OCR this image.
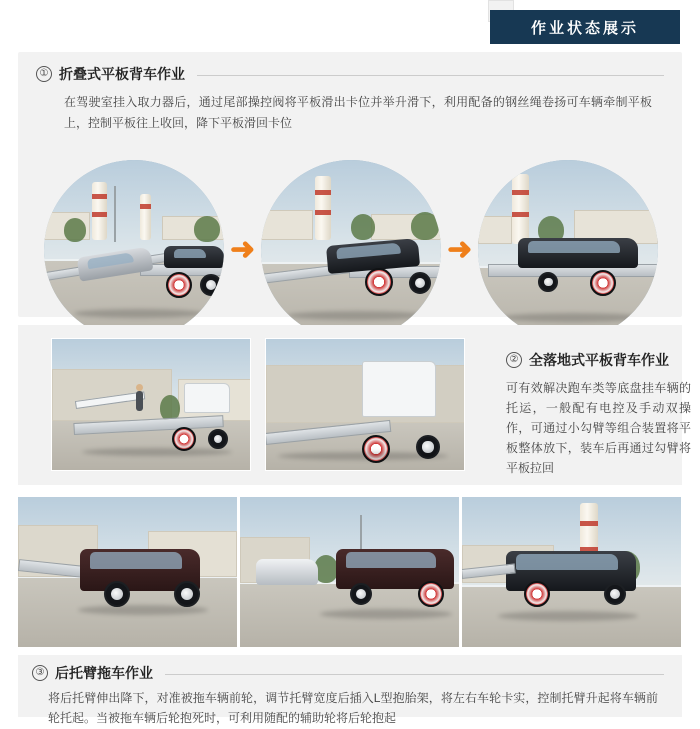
作业状态展示
① 折叠式平板背车作业
在驾驶室挂入取力器后，通过尾部操控阀将平板滑出卡位并举升滑下，利用配备的钢丝绳卷扬可车辆牵制平板上，控制平板往上收回，降下平板滑回卡位
➜	➜
② 全落地式平板背车作业
可有效解决跑车类等底盘挂车辆的托运，一般配有电控及手动双操作，可通过小勾臂等组合装置将平板整体放下，装车后再通过勾臂将平板拉回
③ 后托臂拖车作业
将后托臂伸出降下，对准被拖车辆前轮，调节托臂宽度后插入L型抱胎架，将左右车轮卡实，控制托臂升起将车辆前轮托起。当被拖车辆后轮抱死时，可利用随配的辅助轮将后轮抱起
